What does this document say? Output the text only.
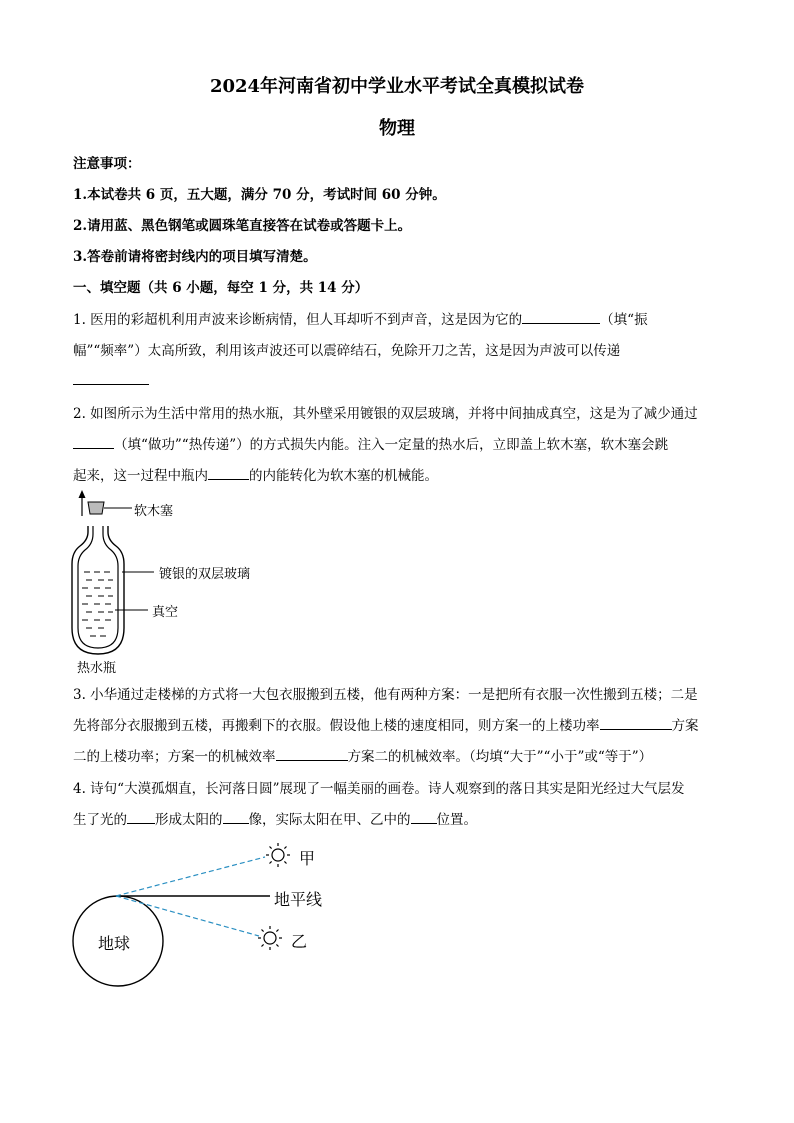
2024年河南省初中学业水平考试全真模拟试卷
物理
注意事项：
1.本试卷共 6 页，五大题，满分 70 分，考试时间 60 分钟。
2.请用蓝、黑色钢笔或圆珠笔直接答在试卷或答题卡上。
3.答卷前请将密封线内的项目填写清楚。
一、填空题（共 6 小题，每空 1 分，共 14 分）
1. 医用的彩超机利用声波来诊断病情，但人耳却听不到声音，这是因为它的	（填“振
幅”“频率”）太高所致，利用该声波还可以震碎结石，免除开刀之苦，这是因为声波可以传递
2. 如图所示为生活中常用的热水瓶，其外壁采用镀银的双层玻璃，并将中间抽成真空，这是为了减少通过
（填“做功”“热传递”）的方式损失内能。注入一定量的热水后，立即盖上软木塞，软木塞会跳
起来，这一过程中瓶内	的内能转化为软木塞的机械能。
软木塞
镀银的双层玻璃
真空
热水瓶
3. 小华通过走楼梯的方式将一大包衣服搬到五楼，他有两种方案：一是把所有衣服一次性搬到五楼；二是
先将部分衣服搬到五楼，再搬剩下的衣服。假设他上楼的速度相同，则方案一的上楼功率	方案
二的上楼功率；方案一的机械效率	方案二的机械效率。（均填“大于”“小于”或“等于”）
4. 诗句“大漠孤烟直，长河落日圆”展现了一幅美丽的画卷。诗人观察到的落日其实是阳光经过大气层发
生了光的 形成太阳的 像，实际太阳在甲、乙中的 位置。
甲
地平线
乙
地球
